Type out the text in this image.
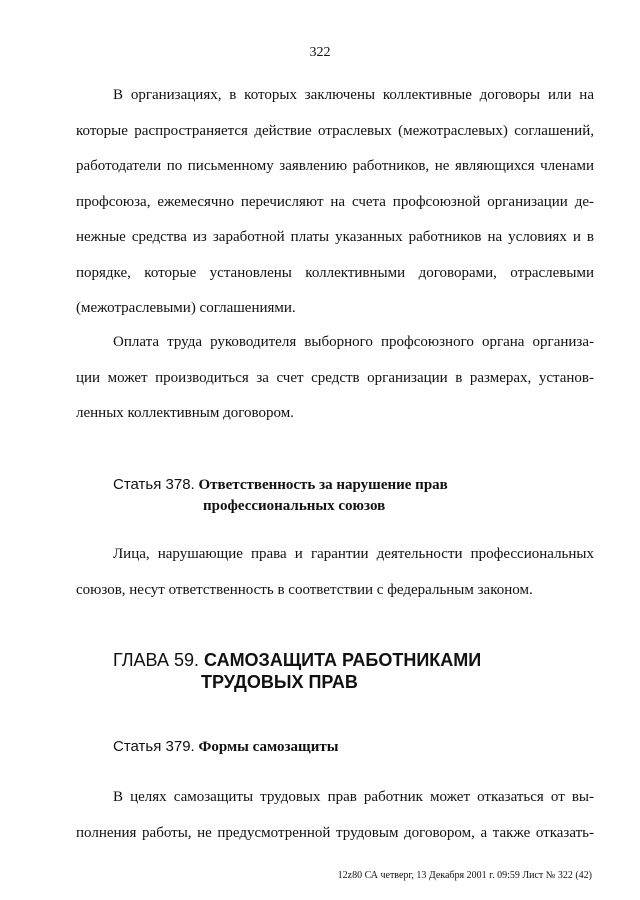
322
В организациях, в которых заключены коллективные договоры или на
которые распространяется действие отраслевых (межотраслевых) соглашений,
работодатели по письменному заявлению работников, не являющихся членами
профсоюза, ежемесячно перечисляют на счета профсоюзной организации де-
нежные средства из заработной платы указанных работников на условиях и в
порядке, которые установлены коллективными договорами, отраслевыми
(межотраслевыми) соглашениями.
Оплата труда руководителя выборного профсоюзного органа организа-
ции может производиться за счет средств организации в размерах, установ-
ленных коллективным договором.
Статья 378. Ответственность за нарушение прав
профессиональных союзов
Лица, нарушающие права и гарантии деятельности профессиональных
союзов, несут ответственность в соответствии с федеральным законом.
ГЛАВА 59. САМОЗАЩИТА РАБОТНИКАМИ
ТРУДОВЫХ ПРАВ
Статья 379. Формы самозащиты
В целях самозащиты трудовых прав работник может отказаться от вы-
полнения работы, не предусмотренной трудовым договором, а также отказать-
12z80 СА четверг, 13 Декабря 2001 г. 09:59 Лист № 322 (42)
